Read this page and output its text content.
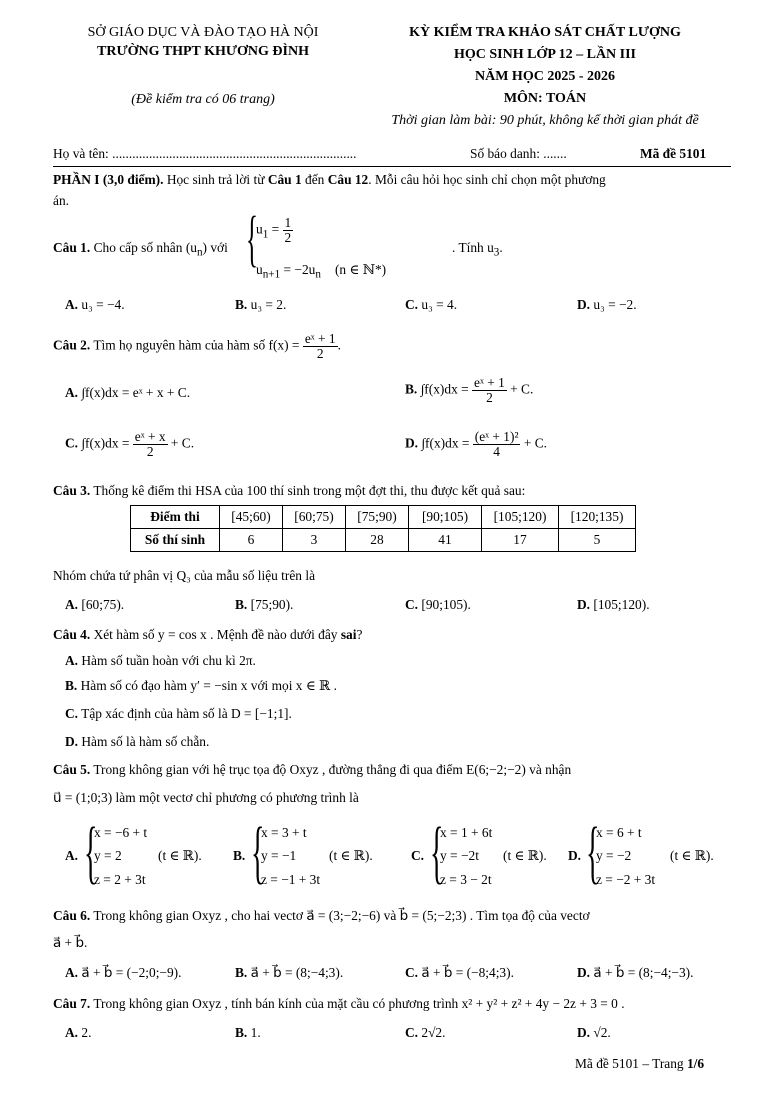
SỞ GIÁO DỤC VÀ ĐÀO TẠO HÀ NỘI
TRƯỜNG THPT KHƯƠNG ĐÌNH
(Đề kiểm tra có 06 trang)
KỲ KIỂM TRA KHẢO SÁT CHẤT LƯỢNG
HỌC SINH LỚP 12 – LẦN III
NĂM HỌC 2025 - 2026
MÔN: TOÁN
Thời gian làm bài: 90 phút, không kể thời gian phát đề
Họ và tên: .........................................................................	Số báo danh: .......	Mã đề 5101
PHẦN I (3,0 điểm). Học sinh trả lời từ Câu 1 đến Câu 12. Mỗi câu hỏi học sinh chỉ chọn một phương
án.
Câu 1. Cho cấp số nhân $(u_n)$ với {
$u_1 = \frac{1}{2}$
$u_{n+1} = -2u_n$ (n ∈ ℕ*)
. Tính $u_3$.
A. u₃ = −4.	B. u₃ = 2.	C. u₃ = 4.	D. u₃ = −2.
Câu 2. Tìm họ nguyên hàm của hàm số $f(x) = \frac{\text{eˣ + 1}}{2}$ .
A. ∫f(x)dx = eˣ + x + C.	B. $\int f(x)dx = \frac{\text{eˣ + 1}}{2} + C$.
C. $\int f(x)dx = \frac{\text{eˣ + x}}{2} + C$.	D. $\int f(x)dx = \frac{\text{(eˣ + 1)²}}{4} + C$.
Câu 3. Thống kê điểm thi HSA của 100 thí sinh trong một đợt thi, thu được kết quả sau:
Điểm thi	[45;60)	[60;75)	[75;90)	[90;105)	[105;120)	[120;135)
Số thí sinh	6	3	28	41	17	5
Nhóm chứa tứ phân vị Q₃ của mẫu số liệu trên là
A. [60;75).	B. [75;90).	C. [90;105).	D. [105;120).
Câu 4. Xét hàm số y = cos x . Mệnh đề nào dưới đây sai?
A. Hàm số tuần hoàn với chu kì 2π.
B. Hàm số có đạo hàm y′ = −sin x với mọi x ∈ ℝ .
C. Tập xác định của hàm số là D = [−1;1].
D. Hàm số là hàm số chẵn.
Câu 5. Trong không gian với hệ trục tọa độ Oxyz , đường thẳng đi qua điểm E(6;−2;−2) và nhận
u⃗ = (1;0;3) làm một vectơ chỉ phương có phương trình là
A. {
x = −6 + t
y = 2
z = 2 + 3t
(t ∈ ℝ). B. {
x = 3 + t
y = −1
z = −1 + 3t
(t ∈ ℝ).	C. {
x = 1 + 6t
y = −2t
z = 3 − 2t
(t ∈ ℝ). D. {
x = 6 + t
y = −2
z = −2 + 3t
(t ∈ ℝ).
Câu 6. Trong không gian Oxyz , cho hai vectơ a⃗ = (3;−2;−6) và b⃗ = (5;−2;3) . Tìm tọa độ của vectơ
a⃗ + b⃗.
A. a⃗ + b⃗ = (−2;0;−9).	B. a⃗ + b⃗ = (8;−4;3).	C. a⃗ + b⃗ = (−8;4;3).	D. a⃗ + b⃗ = (8;−4;−3).
Câu 7. Trong không gian Oxyz , tính bán kính của mặt cầu có phương trình x² + y² + z² + 4y − 2z + 3 = 0 .
A. 2.	B. 1.	C. 2√2.	D. √2.
Mã đề 5101 – Trang 1/6
